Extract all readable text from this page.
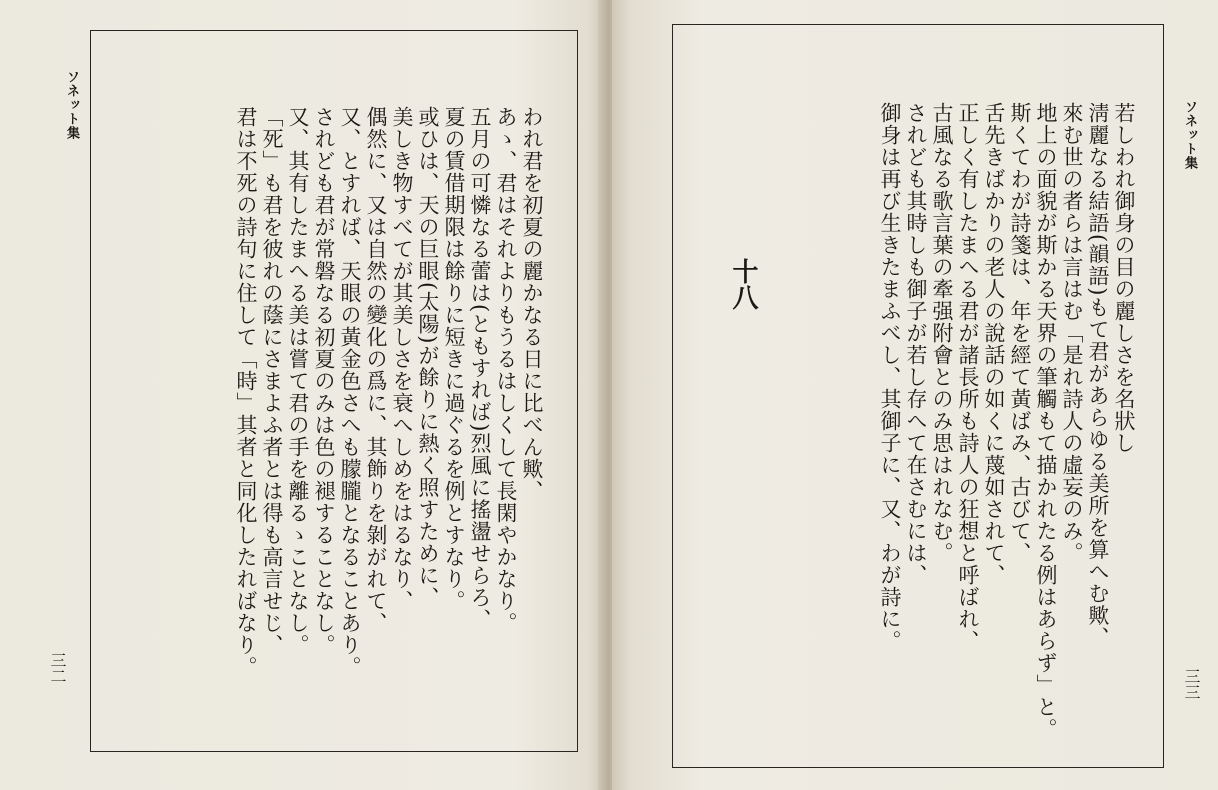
ソネット集
三二
われ君を初夏の麗かなる日に比べん歟、
あゝ、君はそれよりもうるはしくして長閑やかなり。
五月の可憐なる蕾は(ともすれば)烈風に搖盪せらろ、
夏の賃借期限は餘りに短きに過ぐるを例とすなり。
或ひは、天の巨眼(太陽)が餘りに熱く照すために、
美しき物すべてが其美しさを衰へしめをはるなり、
偶然に、又は自然の變化の爲に、其飾りを剝がれて、
又、とすれば、天眼の黃金色さへも朦朧となることあり。
されども君が常磐なる初夏のみは色の褪することなし。
又、其有したまへる美は嘗て君の手を離るゝことなし。
「死」も君を彼れの蔭にさまよふ者とは得も高言せじ、
君は不死の詩句に住して「時」其者と同化したればなり。	ソネット集
三三
十八	若しわれ御身の目の麗しさを名狀し
淸麗なる結語(韻語)もて君があらゆる美所を算へむ歟、
來む世の者らは言はむ「是れ詩人の虛妄のみ。
地上の面貌が斯かる天界の筆觸もて描かれたる例はあらず」と。
斯くてわが詩箋は、年を經て黃ばみ、古びて、
舌先きばかりの老人の說話の如くに蔑如されて、
正しく有したまへる君が諸長所も詩人の狂想と呼ばれ、
古風なる歌言葉の牽强附會とのみ思はれなむ。
されども其時しも御子が若し存へて在さむには、
御身は再び生きたまふべし、其御子に、又、わが詩に。
